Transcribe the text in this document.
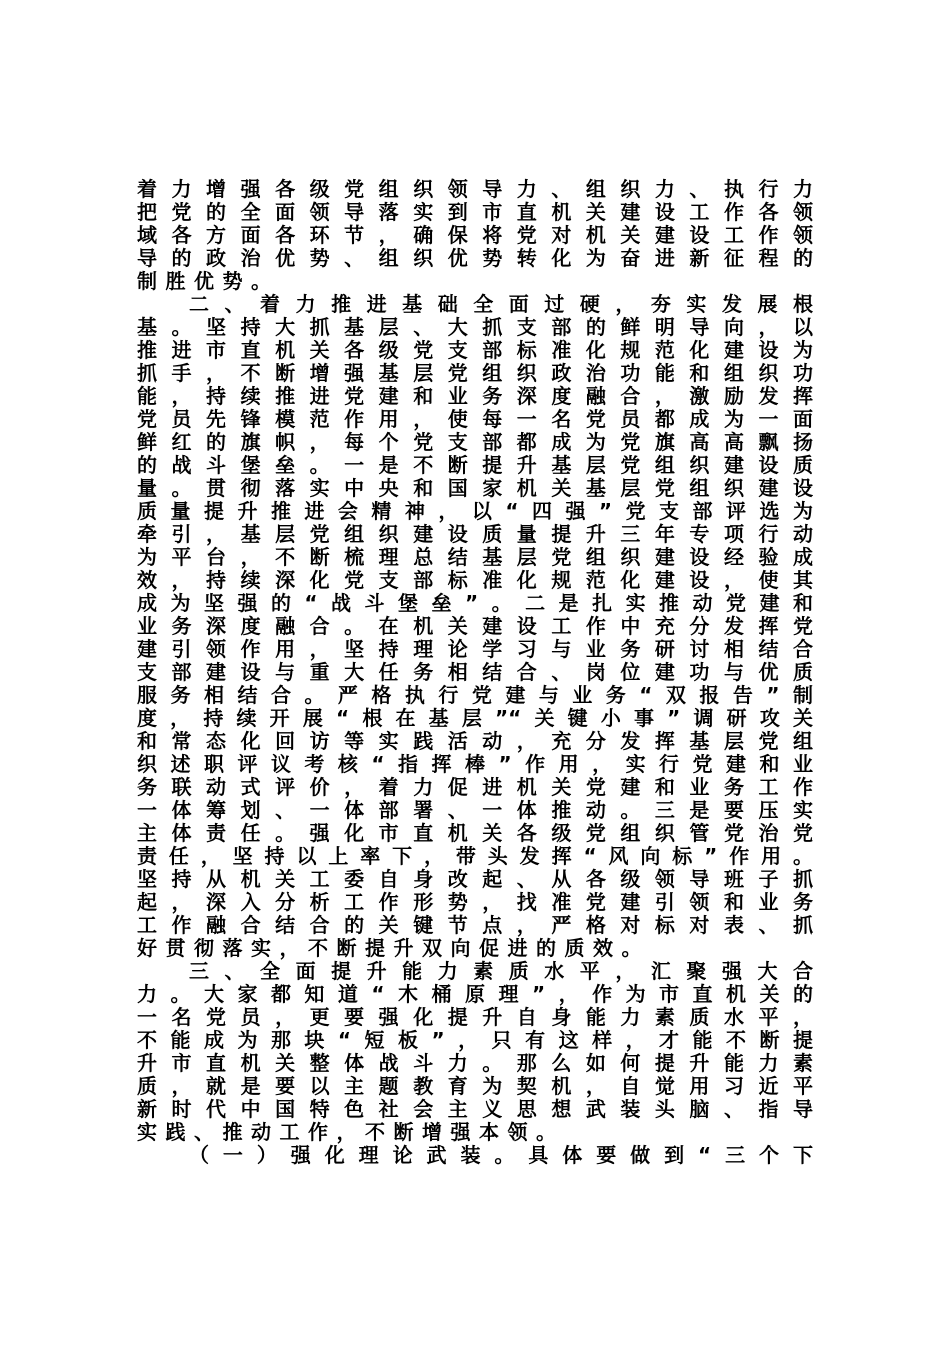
着力增强各级党组织领导力、组织力、执行力
把党的全面领导落实到市直机关建设工作各领
域各方面各环节，确保将党对机关建设工作领
导的政治优势、组织优势转化为奋进新征程的
制胜优势。
二、着力推进基础全面过硬，夯实发展根
基。坚持大抓基层、大抓支部的鲜明导向，以
推进市直机关各级党支部标准化规范化建设为
抓手，不断增强基层党组织政治功能和组织功
能，持续推进党建和业务深度融合，激励发挥
党员先锋模范作用，使每一名党员都成为一面
鲜红的旗帜，每个党支部都成为党旗高高飘扬
的战斗堡垒。一是不断提升基层党组织建设质
量。贯彻落实中央和国家机关基层党组织建设
质量提升推进会精神，以“四强”党支部评选为
牵引，基层党组织建设质量提升三年专项行动
为平台，不断梳理总结基层党组织建设经验成
效，持续深化党支部标准化规范化建设，使其
成为坚强的“战斗堡垒”。二是扎实推动党建和
业务深度融合。在机关建设工作中充分发挥党
建引领作用，坚持理论学习与业务研讨相结合
支部建设与重大任务相结合、岗位建功与优质
服务相结合。严格执行党建与业务“双报告”制
度，持续开展“根在基层”“关键小事”调研攻关
和常态化回访等实践活动，充分发挥基层党组
织述职评议考核“指挥棒”作用，实行党建和业
务联动式评价，着力促进机关党建和业务工作
一体筹划、一体部署、一体推动。三是要压实
主体责任。强化市直机关各级党组织管党治党
责任，坚持以上率下，带头发挥“风向标”作用。
坚持从机关工委自身改起、从各级领导班子抓
起，深入分析工作形势，找准党建引领和业务
工作融合结合的关键节点，严格对标对表、抓
好贯彻落实，不断提升双向促进的质效。
三、全面提升能力素质水平，汇聚强大合
力。大家都知道“木桶原理”，作为市直机关的
一名党员，更要强化提升自身能力素质水平，
不能成为那块“短板”，只有这样，才能不断提
升市直机关整体战斗力。那么如何提升能力素
质，就是要以主题教育为契机，自觉用习近平
新时代中国特色社会主义思想武装头脑、指导
实践、推动工作，不断增强本领。
（一）强化理论武装。具体要做到“三个下
